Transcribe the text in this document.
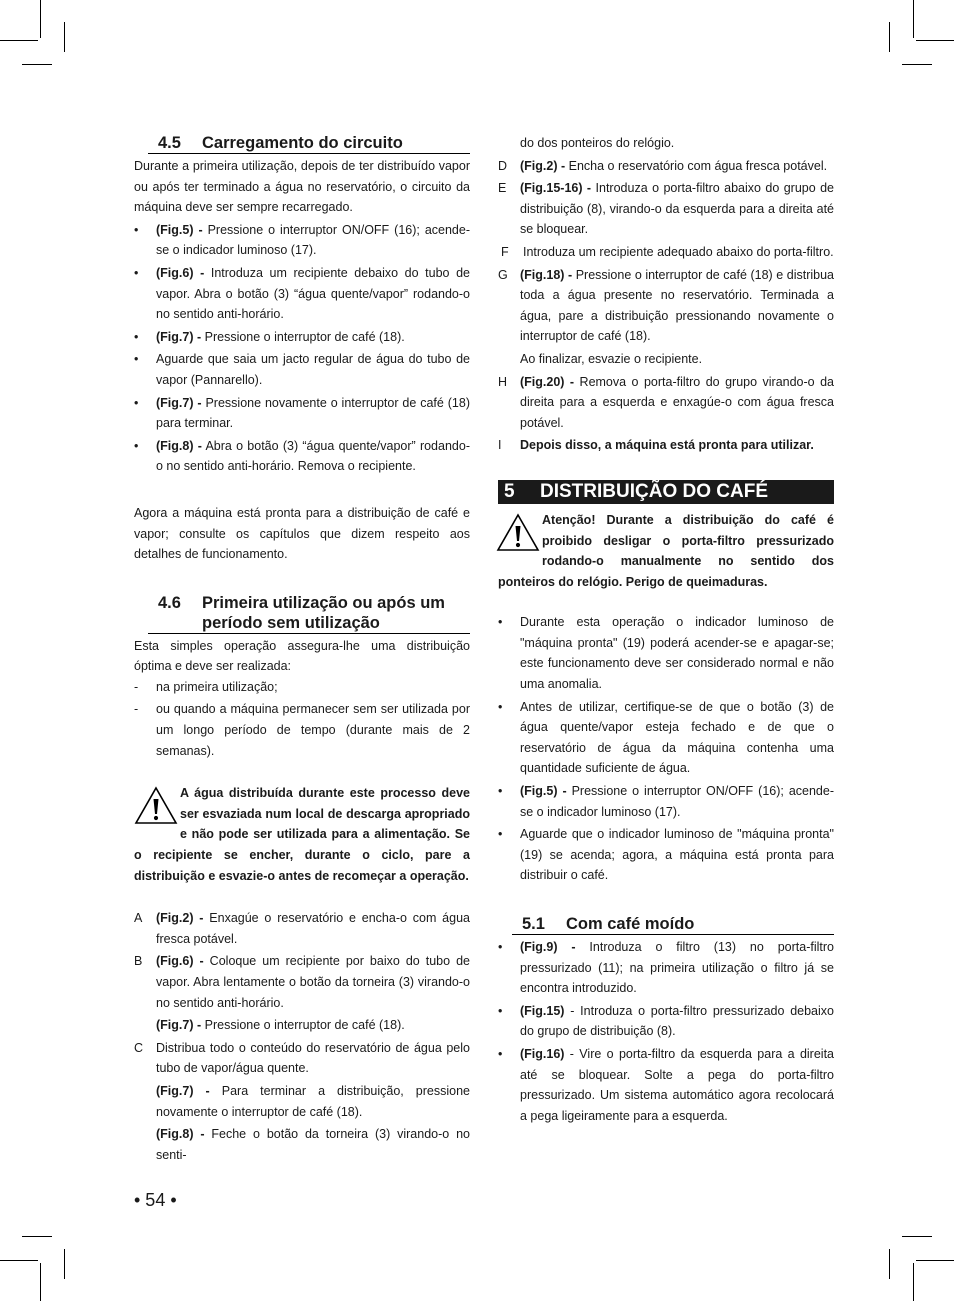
4.5 Carregamento do circuito

Durante a primeira utilização, depois de ter distribuído vapor ou após ter terminado a água no reservatório, o circuito da máquina deve ser sempre recarregado.

•	(Fig.5) - Pressione o interruptor ON/OFF (16); acende-se o indicador luminoso (17).
•	(Fig.6) - Introduza um recipiente debaixo do tubo de vapor. Abra o botão (3) “água quente/vapor” rodando-o no sentido anti-horário.
•	(Fig.7) - Pressione o interruptor de café (18).
•	Aguarde que saia um jacto regular de água do tubo de vapor (Pannarello).
•	(Fig.7) - Pressione novamente o interruptor de café (18) para terminar.
•	(Fig.8) - Abra o botão (3) “água quente/vapor” rodando-o no sentido anti-horário. Remova o recipiente.

Agora a máquina está pronta para a distribuição de café e vapor; consulte os capítulos que dizem respeito aos detalhes de funcionamento.

4.6 Primeira utilização ou após um período sem utilização

Esta simples operação assegura-lhe uma distribuição óptima e deve ser realizada:

-	na primeira utilização;
-	ou quando a máquina permanecer sem ser utilizada por um longo período de tempo (durante mais de 2 semanas).
A água distribuída durante este processo deve ser esvaziada num local de descarga apropriado e não pode ser utilizada para a alimentação. Se o recipiente se encher, durante o ciclo, pare a distribuição e esvazie-o antes de recomeçar a operação.
A	(Fig.2) - Enxagúe o reservatório e encha-o com água fresca potável.
B	(Fig.6) - Coloque um recipiente por baixo do tubo de vapor. Abra lentamente o botão da torneira (3) virando-o no sentido anti-horário.
(Fig.7) - Pressione o interruptor de café (18).
C	Distribua todo o conteúdo do reservatório de água pelo tubo de vapor/água quente.
(Fig.7) - Para terminar a distribuição, pressione novamente o interruptor de café (18).
(Fig.8) - Feche o botão da torneira (3) virando-o no senti-

do dos ponteiros do relógio.

D	(Fig.2) - Encha o reservatório com água fresca potável.
E	(Fig.15-16) - Introduza o porta-filtro abaixo do grupo de distribuição (8), virando-o da esquerda para a direita até se bloquear.
F	Introduza um recipiente adequado abaixo do porta-filtro.
G (Fig.18) - Pressione o interruptor de café (18) e distribua toda a água presente no reservatório. Terminada a água, pare a distribuição pressionando novamente o interruptor de café (18).

Ao finalizar, esvazie o recipiente.

H	(Fig.20) - Remova o porta-filtro do grupo virando-o da direita para a esquerda e enxagúe-o com água fresca potável.
I	Depois disso, a máquina está pronta para utilizar.
5	DISTRIBUIÇÃO DO CAFÉ
Atenção! Durante a distribuição do café é proibido desligar o porta-filtro pressurizado rodando-o manualmente no sentido dos ponteiros do relógio. Perigo de queimaduras.
•	Durante esta operação o indicador luminoso de "máquina pronta" (19) poderá acender-se e apagar-se; este funcionamento deve ser considerado normal e não uma anomalia.
•	Antes de utilizar, certifique-se de que o botão (3) de água quente/vapor esteja fechado e de que o reservatório de água da máquina contenha uma quantidade suficiente de água.
•	(Fig.5) - Pressione o interruptor ON/OFF (16); acende-se o indicador luminoso (17).
•	Aguarde que o indicador luminoso de "máquina pronta" (19) se acenda; agora, a máquina está pronta para distribuir o café.
5.1 Com café moído
•	(Fig.9) - Introduza o filtro (13) no porta-filtro pressurizado (11); na primeira utilização o filtro já se encontra introduzido.
•	(Fig.15) - Introduza o porta-filtro pressurizado debaixo do grupo de distribuição (8).
•	(Fig.16) - Vire o porta-filtro da esquerda para a direita até se bloquear. Solte a pega do porta-filtro pressurizado. Um sistema automático agora recolocará a pega ligeiramente para a esquerda.
• 54 •
